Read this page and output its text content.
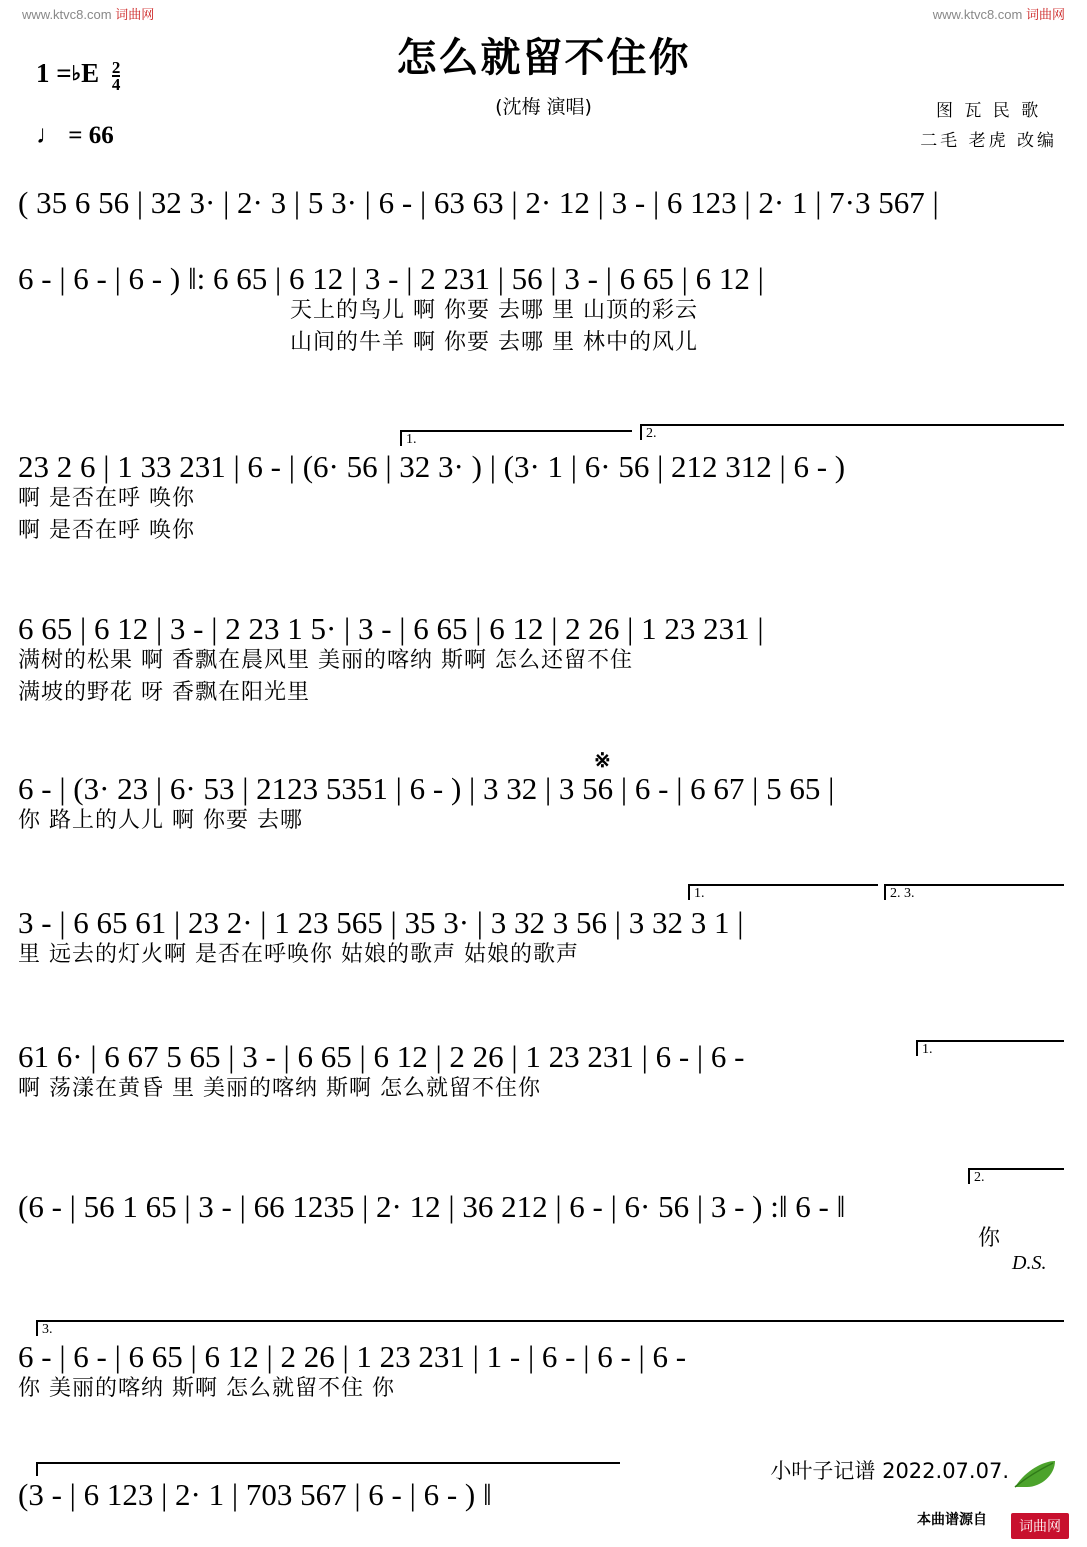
www.ktvc8.com 词曲网	www.ktvc8.com 词曲网
怎么就留不住你
(沈梅 演唱)	图 瓦 民 歌
二毛 老虎 改编
1 =♭E $\frac{2}{4}$
♩ = 66
( 35 6 56 | 32 3· | 2· 3 | 5 3· | 6 - | 63 63 | 2· 12 | 3 - | 6 123 | 2· 1 | 7·3 567 |
6 - | 6 - | 6 - ) ‖: 6 65 | 6 12 | 3 - | 2 231 | 56 | 3 - | 6 65 | 6 12 |
天上的鸟儿 啊 你要 去哪 里 山顶的彩云
山间的牛羊 啊 你要 去哪 里 林中的风儿
1.	2.
23 2 6 | 1 33 231 | 6 - | (6· 56 | 32 3· ) | (3· 1 | 6· 56 | 212 312 | 6 - )
啊 是否在呼 唤你
啊 是否在呼 唤你
6 65 | 6 12 | 3 - | 2 23 1 5· | 3 - | 6 65 | 6 12 | 2 26 | 1 23 231 |
满树的松果 啊 香飘在晨风里 美丽的喀纳 斯啊 怎么还留不住
满坡的野花 呀 香飘在阳光里
※
6 - | (3· 23 | 6· 53 | 2123 5351 | 6 - ) | 3 32 | 3 56 | 6 - | 6 67 | 5 65 |
你 路上的人儿 啊 你要 去哪
1.	2. 3.
3 - | 6 65 61 | 23 2· | 1 23 565 | 35 3· | 3 32 3 56 | 3 32 3 1 |
里 远去的灯火啊 是否在呼唤你 姑娘的歌声 姑娘的歌声
1.
61 6· | 6 67 5 65 | 3 - | 6 65 | 6 12 | 2 26 | 1 23 231 | 6 - | 6 -
啊 荡漾在黄昏 里 美丽的喀纳 斯啊 怎么就留不住你
2.
(6 - | 56 1 65 | 3 - | 66 1235 | 2· 12 | 36 212 | 6 - | 6· 56 | 3 - ) :‖ 6 - ‖
你
D.S.
3.
6 - | 6 - | 6 65 | 6 12 | 2 26 | 1 23 231 | 1 - | 6 - | 6 - | 6 -
你 美丽的喀纳 斯啊 怎么就留不住 你
(3 - | 6 123 | 2· 1 | 703 567 | 6 - | 6 - ) ‖
小叶子记谱 2022.07.07.
本曲谱源自	词曲网
